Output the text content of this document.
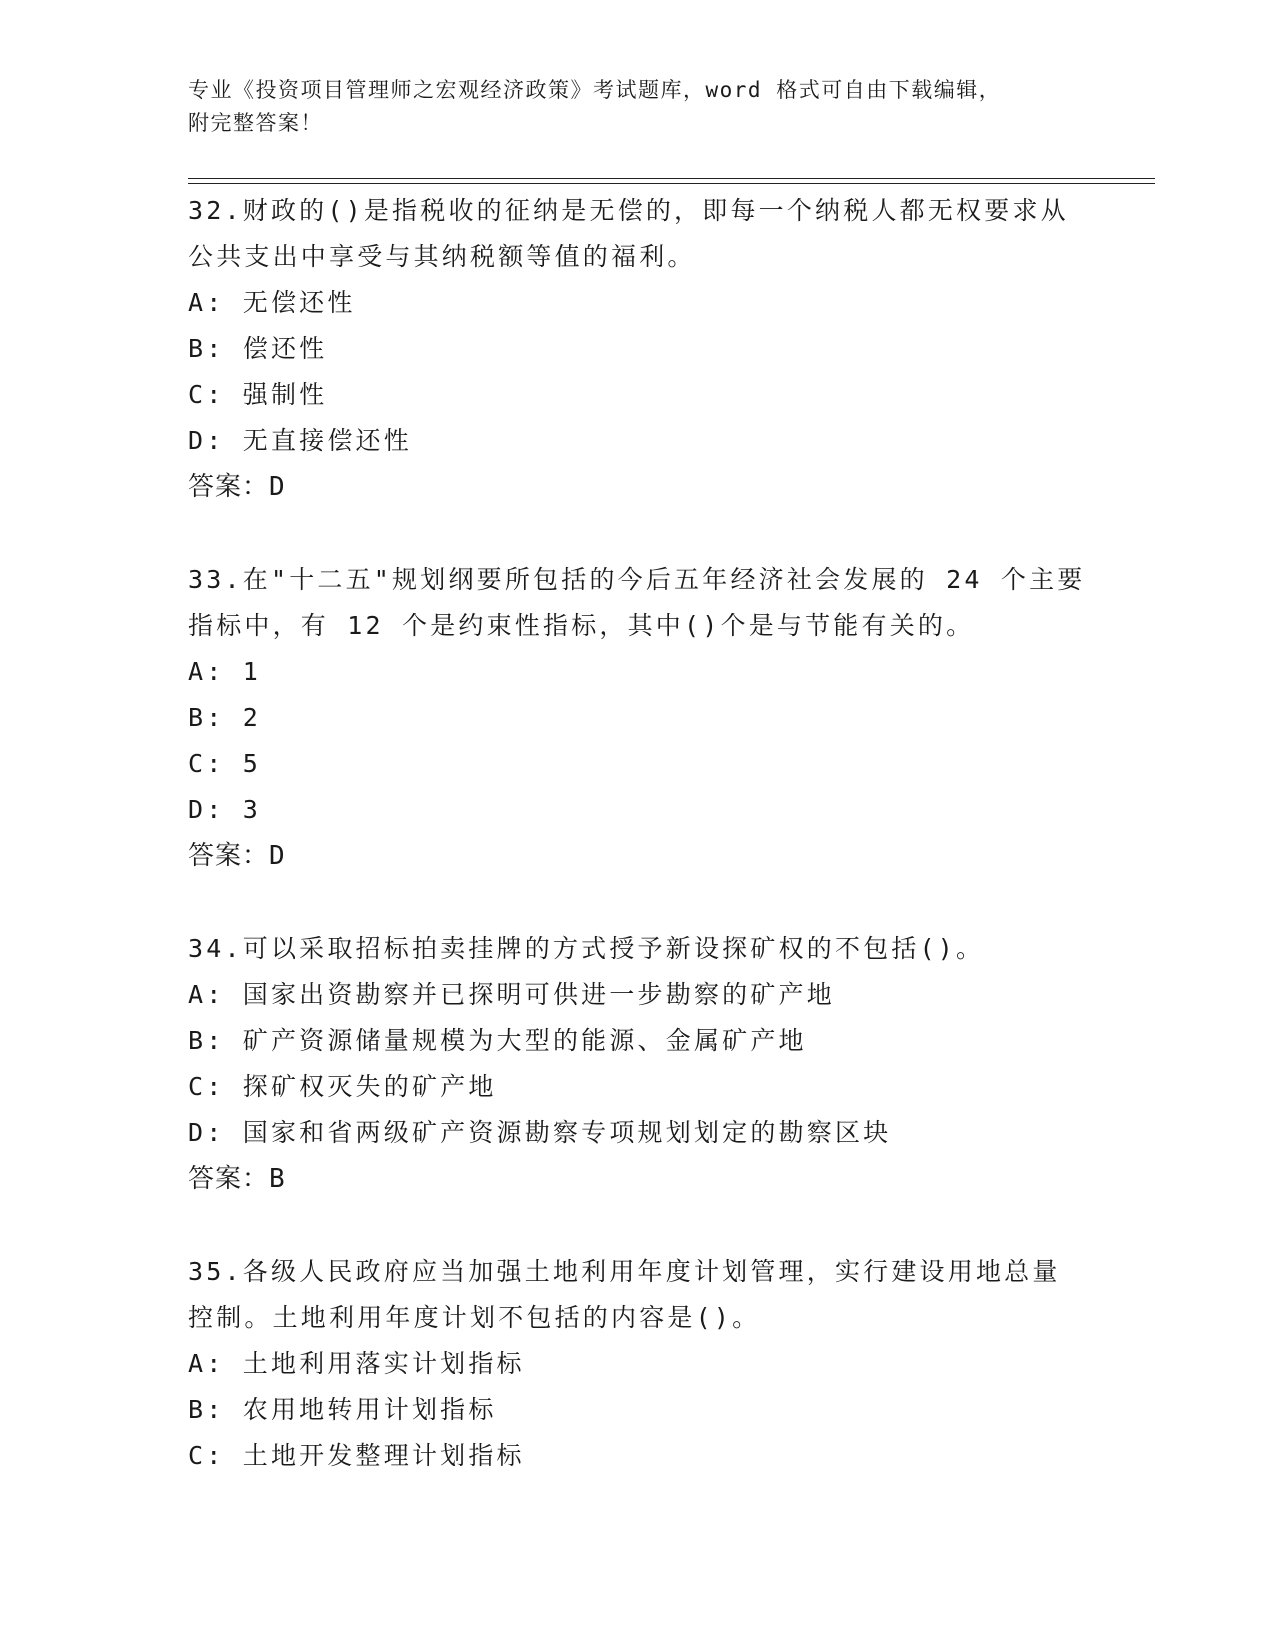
专业《投资项目管理师之宏观经济政策》考试题库，word 格式可自由下载编辑，
附完整答案！

32.财政的()是指税收的征纳是无偿的，即每一个纳税人都无权要求从

公共支出中享受与其纳税额等值的福利。

A: 无偿还性

B: 偿还性

C: 强制性

D: 无直接偿还性

答案：D

33.在"十二五"规划纲要所包括的今后五年经济社会发展的 24 个主要

指标中，有 12 个是约束性指标，其中()个是与节能有关的。

A: 1

B: 2

C: 5

D: 3

答案：D

34.可以采取招标拍卖挂牌的方式授予新设探矿权的不包括()。

A: 国家出资勘察并已探明可供进一步勘察的矿产地

B: 矿产资源储量规模为大型的能源、金属矿产地

C: 探矿权灭失的矿产地

D: 国家和省两级矿产资源勘察专项规划划定的勘察区块

答案：B

35.各级人民政府应当加强土地利用年度计划管理，实行建设用地总量

控制。土地利用年度计划不包括的内容是()。

A: 土地利用落实计划指标

B: 农用地转用计划指标

C: 土地开发整理计划指标
